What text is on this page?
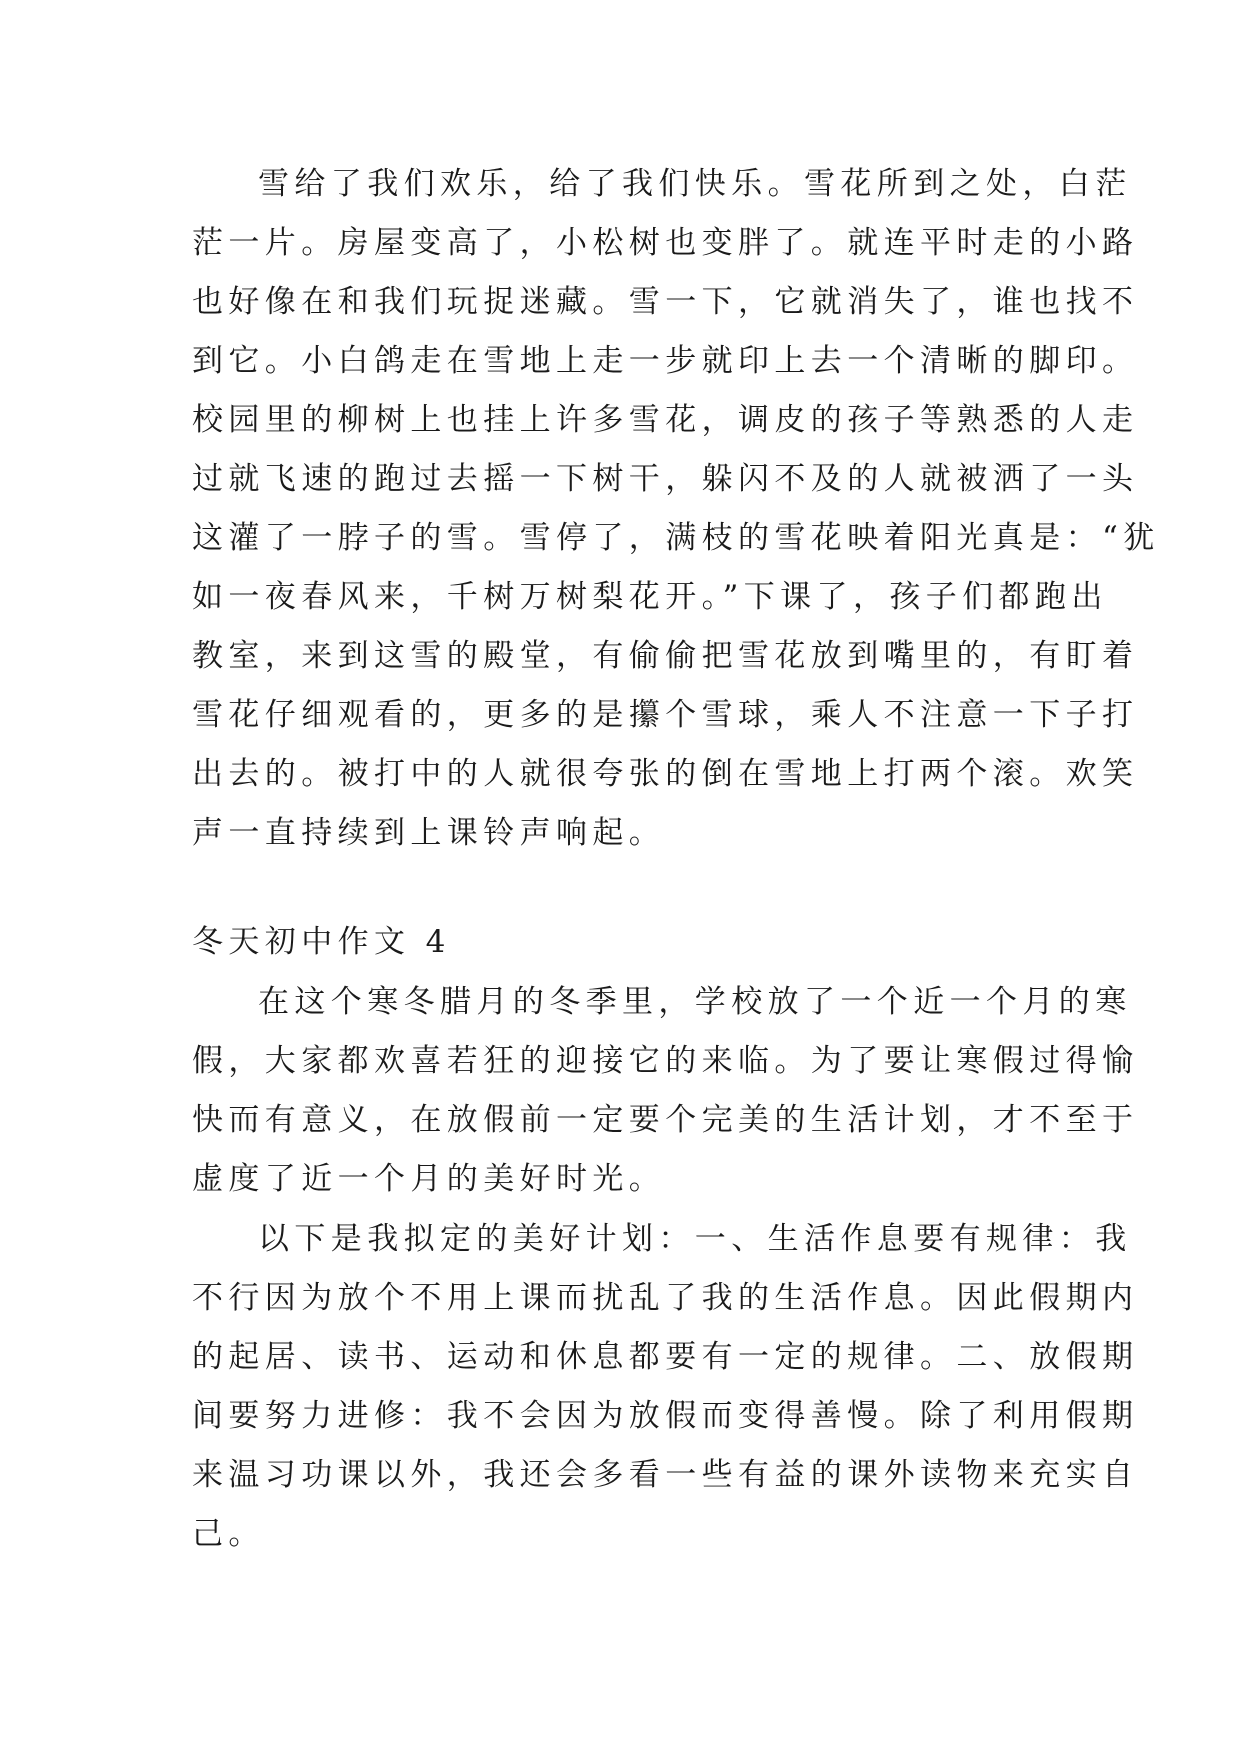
雪给了我们欢乐，给了我们快乐。雪花所到之处，白茫
茫一片。房屋变高了，小松树也变胖了。就连平时走的小路
也好像在和我们玩捉迷藏。雪一下，它就消失了，谁也找不
到它。小白鸽走在雪地上走一步就印上去一个清晰的脚印。
校园里的柳树上也挂上许多雪花，调皮的孩子等熟悉的人走
过就飞速的跑过去摇一下树干，躲闪不及的人就被洒了一头
这灌了一脖子的雪。雪停了，满枝的雪花映着阳光真是：“犹
如一夜春风来，千树万树梨花开。”下课了，孩子们都跑出
教室，来到这雪的殿堂，有偷偷把雪花放到嘴里的，有盯着
雪花仔细观看的，更多的是攥个雪球，乘人不注意一下子打
出去的。被打中的人就很夸张的倒在雪地上打两个滚。欢笑
声一直持续到上课铃声响起。
冬天初中作文 4
在这个寒冬腊月的冬季里，学校放了一个近一个月的寒
假，大家都欢喜若狂的迎接它的来临。为了要让寒假过得愉
快而有意义，在放假前一定要个完美的生活计划，才不至于
虚度了近一个月的美好时光。
以下是我拟定的美好计划：一、生活作息要有规律：我
不行因为放个不用上课而扰乱了我的生活作息。因此假期内
的起居、读书、运动和休息都要有一定的规律。二、放假期
间要努力进修：我不会因为放假而变得善慢。除了利用假期
来温习功课以外，我还会多看一些有益的课外读物来充实自
己。
